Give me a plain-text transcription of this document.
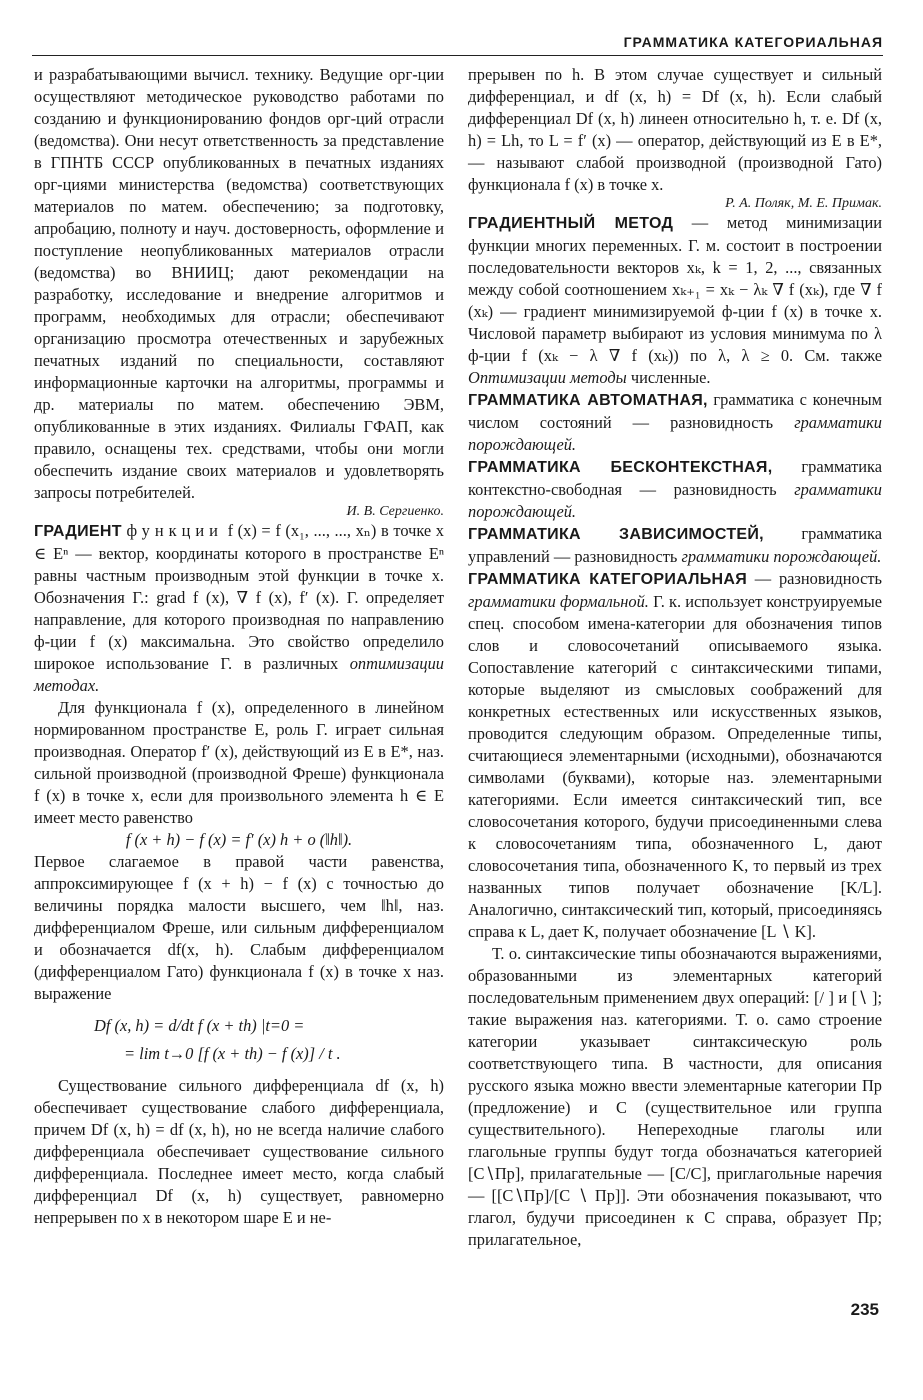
ГРАММАТИКА КАТЕГОРИАЛЬНАЯ

и разрабатывающими вычисл. технику. Ведущие орг-ции осуществляют методическое руководство работами по созданию и функционированию фондов орг-ций отрасли (ведомства). Они несут ответственность за представление в ГПНТБ СССР опубликованных в печатных изданиях орг-циями министерства (ведомства) соответствующих материалов по матем. обеспечению; за подготовку, апробацию, полноту и науч. достоверность, оформление и поступление неопубликованных материалов отрасли (ведомства) во ВНИИЦ; дают рекомендации на разработку, исследование и внедрение алгоритмов и программ, необходимых для отрасли; обеспечивают организацию просмотра отечественных и зарубежных печатных изданий по специальности, составляют информационные карточки на алгоритмы, программы и др. материалы по матем. обеспечению ЭВМ, опубликованные в этих изданиях. Филиалы ГФАП, как правило, оснащены тех. средствами, чтобы они могли обеспечить издание своих материалов и удовлетворять запросы потребителей.

И. В. Сергиенко.

ГРАДИЕНТ функции f (x) = f (x₁, ..., ..., xₙ) в точке x ∈ Eⁿ — вектор, координаты которого в пространстве Eⁿ равны частным производным этой функции в точке x. Обозначения Г.: grad f (x), ∇ f (x), f′ (x). Г. определяет направление, для которого производная по направлению ф-ции f (x) максимальна. Это свойство определило широкое использование Г. в различных оптимизации методах.

Для функционала f (x), определенного в линейном нормированном пространстве E, роль Г. играет сильная производная. Оператор f′ (x), действующий из E в E*, наз. сильной производной (производной Фреше) функционала f (x) в точке x, если для произвольного элемента h ∈ E имеет место равенство

f (x + h) − f (x) = f′ (x) h + o (‖h‖).

Первое слагаемое в правой части равенства, аппроксимирующее f (x + h) − f (x) с точностью до величины порядка малости высшего, чем ‖h‖, наз. дифференциалом Фреше, или сильным дифференциалом и обозначается df(x, h). Слабым дифференциалом (дифференциалом Гато) функционала f (x) в точке x наз. выражение

Df (x, h) = d/dt f (x + th) |t=0 =
= lim t→0 [f (x + th) − f (x)] / t .

Существование сильного дифференциала df (x, h) обеспечивает существование слабого дифференциала, причем Df (x, h) = df (x, h), но не всегда наличие слабого дифференциала обеспечивает существование сильного дифференциала. Последнее имеет место, когда слабый дифференциал Df (x, h) существует, равномерно непрерывен по x в некотором шаре E и не-

прерывен по h. В этом случае существует и сильный дифференциал, и df (x, h) = Df (x, h). Если слабый дифференциал Df (x, h) линеен относительно h, т. е. Df (x, h) = Lh, то L = f′ (x) — оператор, действующий из E в E*,— называют слабой производной (производной Гато) функционала f (x) в точке x.

Р. А. Поляк, М. Е. Примак.

ГРАДИЕНТНЫЙ МЕТОД — метод минимизации функции многих переменных. Г. м. состоит в построении последовательности векторов xₖ, k = 1, 2, ..., связанных между собой соотношением xₖ₊₁ = xₖ − λₖ ∇ f (xₖ), где ∇ f (xₖ) — градиент минимизируемой ф-ции f (x) в точке x. Числовой параметр выбирают из условия минимума по λ ф-ции f (xₖ − λ ∇ f (xₖ)) по λ, λ ≥ 0. См. также Оптимизации методы численные.

ГРАММАТИКА АВТОМАТНАЯ, грамматика с конечным числом состояний — разновидность грамматики порождающей.

ГРАММАТИКА БЕСКОНТЕКСТНАЯ, грамматика контекстно-свободная — разновидность грамматики порождающей.

ГРАММАТИКА ЗАВИСИМОСТЕЙ, грамматика управлений — разновидность грамматики порождающей.

ГРАММАТИКА КАТЕГОРИАЛЬНАЯ — разновидность грамматики формальной. Г. к. использует конструируемые спец. способом имена-категории для обозначения типов слов и словосочетаний описываемого языка. Сопоставление категорий с синтаксическими типами, которые выделяют из смысловых соображений для конкретных естественных или искусственных языков, проводится следующим образом. Определенные типы, считающиеся элементарными (исходными), обозначаются символами (буквами), которые наз. элементарными категориями. Если имеется синтаксический тип, все словосочетания которого, будучи присоединенными слева к словосочетаниям типа, обозначенного L, дают словосочетания типа, обозначенного K, то первый из трех названных типов получает обозначение [K/L]. Аналогично, синтаксический тип, который, присоединяясь справа к L, дает K, получает обозначение [L ∖ K].

Т. о. синтаксические типы обозначаются выражениями, образованными из элементарных категорий последовательным применением двух операций: [/ ] и [∖ ]; такие выражения наз. категориями. Т. о. само строение категории указывает синтаксическую роль соответствующего типа. В частности, для описания русского языка можно ввести элементарные категории Пр (предложение) и С (существительное или группа существительного). Непереходные глаголы или глагольные группы будут тогда обозначаться категорией [С∖Пр], прилагательные — [С/С], приглагольные наречия — [[С∖Пр]/[С ∖ Пр]]. Эти обозначения показывают, что глагол, будучи присоединен к С справа, образует Пр; прилагательное,

235
